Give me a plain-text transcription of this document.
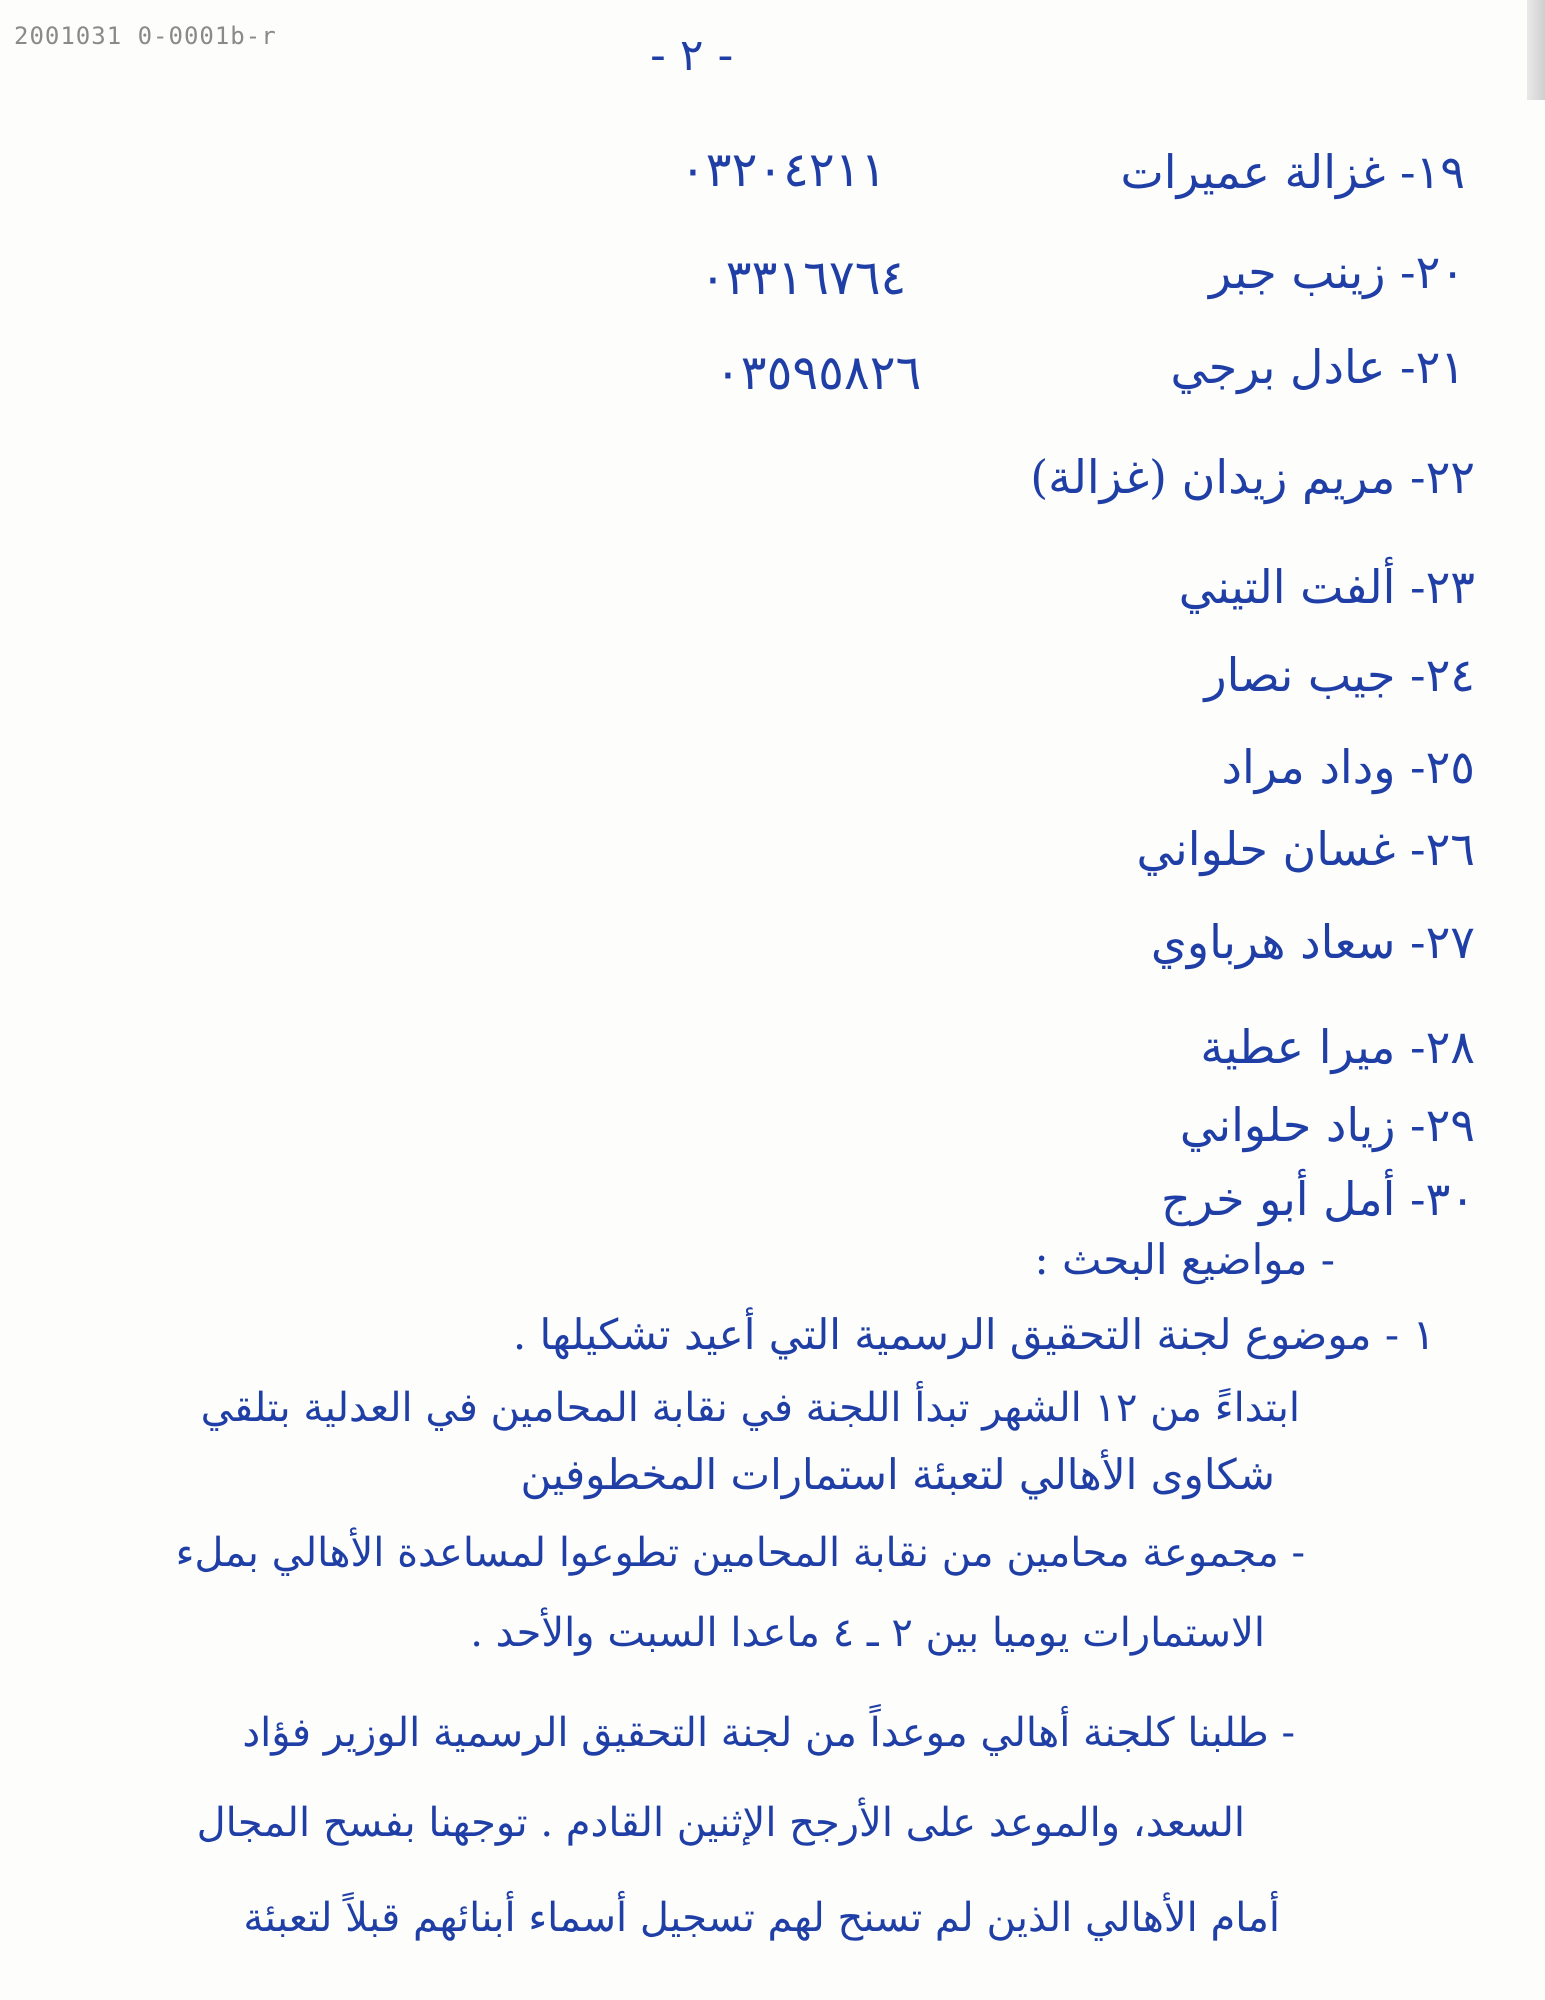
2001031 0-0001b-r	- ٢ -
١٩- غزالة عميرات
٠٣٢٠٤٢١١
٢٠- زينب جبر
٠٣٣١٦٧٦٤
٢١- عادل برجي
٠٣٥٩٥٨٢٦
٢٢- مريم زيدان (غزالة)
٢٣- ألفت التيني
٢٤- جيب نصار
٢٥- وداد مراد
٢٦- غسان حلواني
٢٧- سعاد هرباوي
٢٨- ميرا عطية
٢٩- زياد حلواني
٣٠- أمل أبو خرج
- مواضيع البحث :
١ - موضوع لجنة التحقيق الرسمية التي أعيد تشكيلها .
ابتداءً من ١٢ الشهر تبدأ اللجنة في نقابة المحامين في العدلية بتلقي
شكاوى الأهالي لتعبئة استمارات المخطوفين
- مجموعة محامين من نقابة المحامين تطوعوا لمساعدة الأهالي بملء
الاستمارات يوميا بين ٢ ـ ٤ ماعدا السبت والأحد .
- طلبنا كلجنة أهالي موعداً من لجنة التحقيق الرسمية الوزير فؤاد
السعد، والموعد على الأرجح الإثنين القادم . توجهنا بفسح المجال
أمام الأهالي الذين لم تسنح لهم تسجيل أسماء أبنائهم قبلاً لتعبئة
